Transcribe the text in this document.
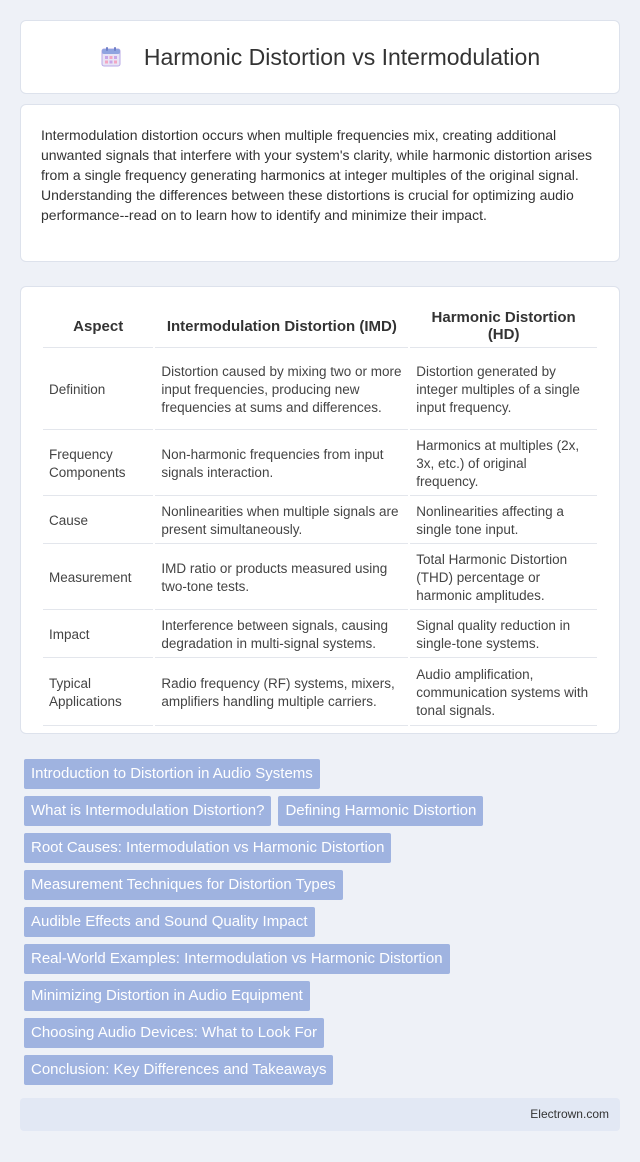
Harmonic Distortion vs Intermodulation

Intermodulation distortion occurs when multiple frequencies mix, creating additional unwanted signals that interfere with your system's clarity, while harmonic distortion arises from a single frequency generating harmonics at integer multiples of the original signal. Understanding the differences between these distortions is crucial for optimizing audio performance--read on to learn how to identify and minimize their impact.

Aspect	Intermodulation Distortion (IMD)	Harmonic Distortion (HD)
Definition	Distortion caused by mixing two or more input frequencies, producing new frequencies at sums and differences.	Distortion generated by integer multiples of a single input frequency.
Frequency Components	Non-harmonic frequencies from input signals interaction.	Harmonics at multiples (2x, 3x, etc.) of original frequency.
Cause	Nonlinearities when multiple signals are present simultaneously.	Nonlinearities affecting a single tone input.
Measurement	IMD ratio or products measured using two-tone tests.	Total Harmonic Distortion (THD) percentage or harmonic amplitudes.
Impact	Interference between signals, causing degradation in multi-signal systems.	Signal quality reduction in single-tone systems.
Typical Applications	Radio frequency (RF) systems, mixers, amplifiers handling multiple carriers.	Audio amplification, communication systems with tonal signals.
Introduction to Distortion in Audio Systems
What is Intermodulation Distortion?	Defining Harmonic Distortion
Root Causes: Intermodulation vs Harmonic Distortion
Measurement Techniques for Distortion Types
Audible Effects and Sound Quality Impact
Real-World Examples: Intermodulation vs Harmonic Distortion
Minimizing Distortion in Audio Equipment
Choosing Audio Devices: What to Look For
Conclusion: Key Differences and Takeaways
Electrown.com
